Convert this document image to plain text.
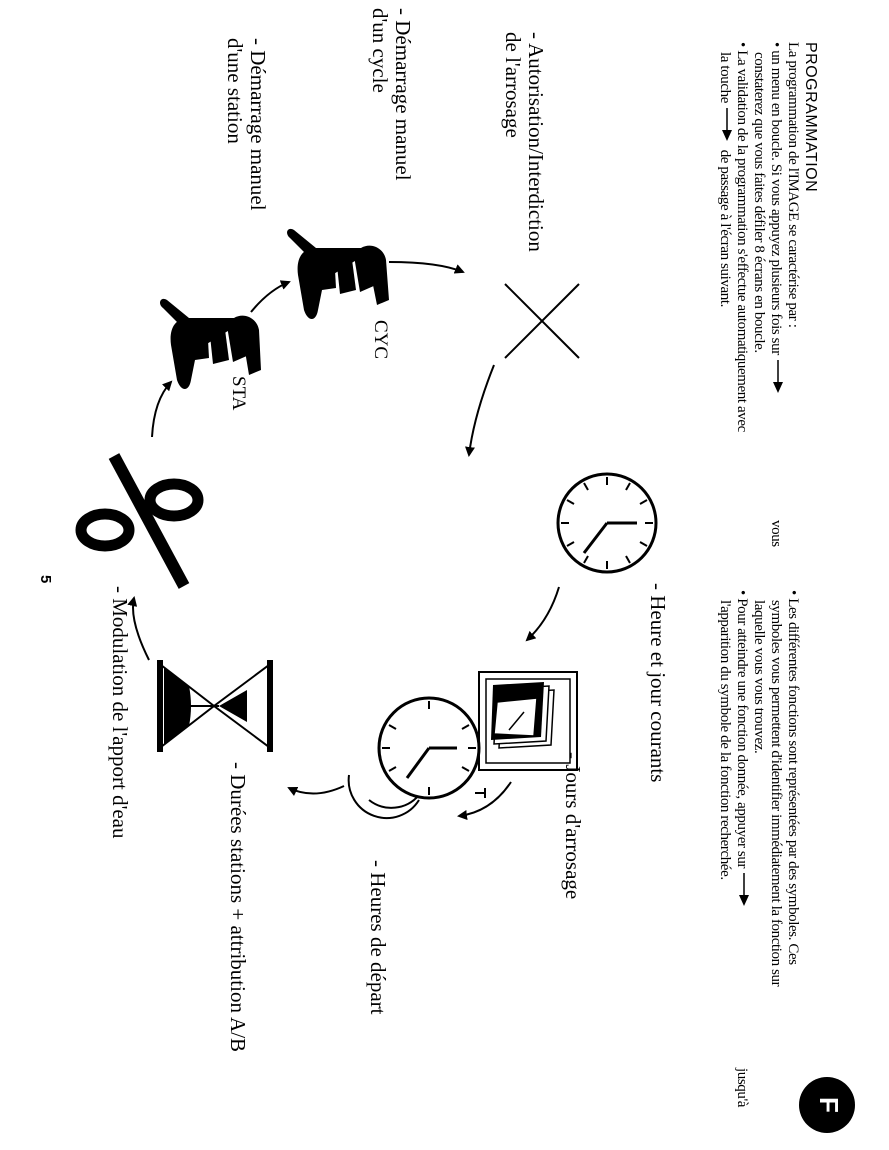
PROGRAMMATION
La programmation de l'IMAGE se caractérise par :
• un menu en boucle. Si vous appuyez plusieurs fois sur
vous
constaterez que vous faites défiler 8 écrans en boucle.
• La validation de la programmation s'effectue automatiquement avec
la touche  de passage à l'écran suivant.
• Les différentes fonctions sont représentées par des symboles. Ces
symboles vous permettent d'identifier immédiatement la fonction sur
laquelle vous vous trouvez.
• Pour atteindre une fonction donnée, appuyer sur
jusqu'à
l'apparition du symbole de la fonction recherchée.
F
- Autorisation/Interdiction
de l'arrosage
- Démarrage manuel
d'un cycle
- Démarrage manuel
d'une station
CYC
STA
- Heure et jour courants
- Jours d'arrosage
- Heures de départ
- Durées stations + attribution A/B
- Modulation de l'apport d'eau
5
